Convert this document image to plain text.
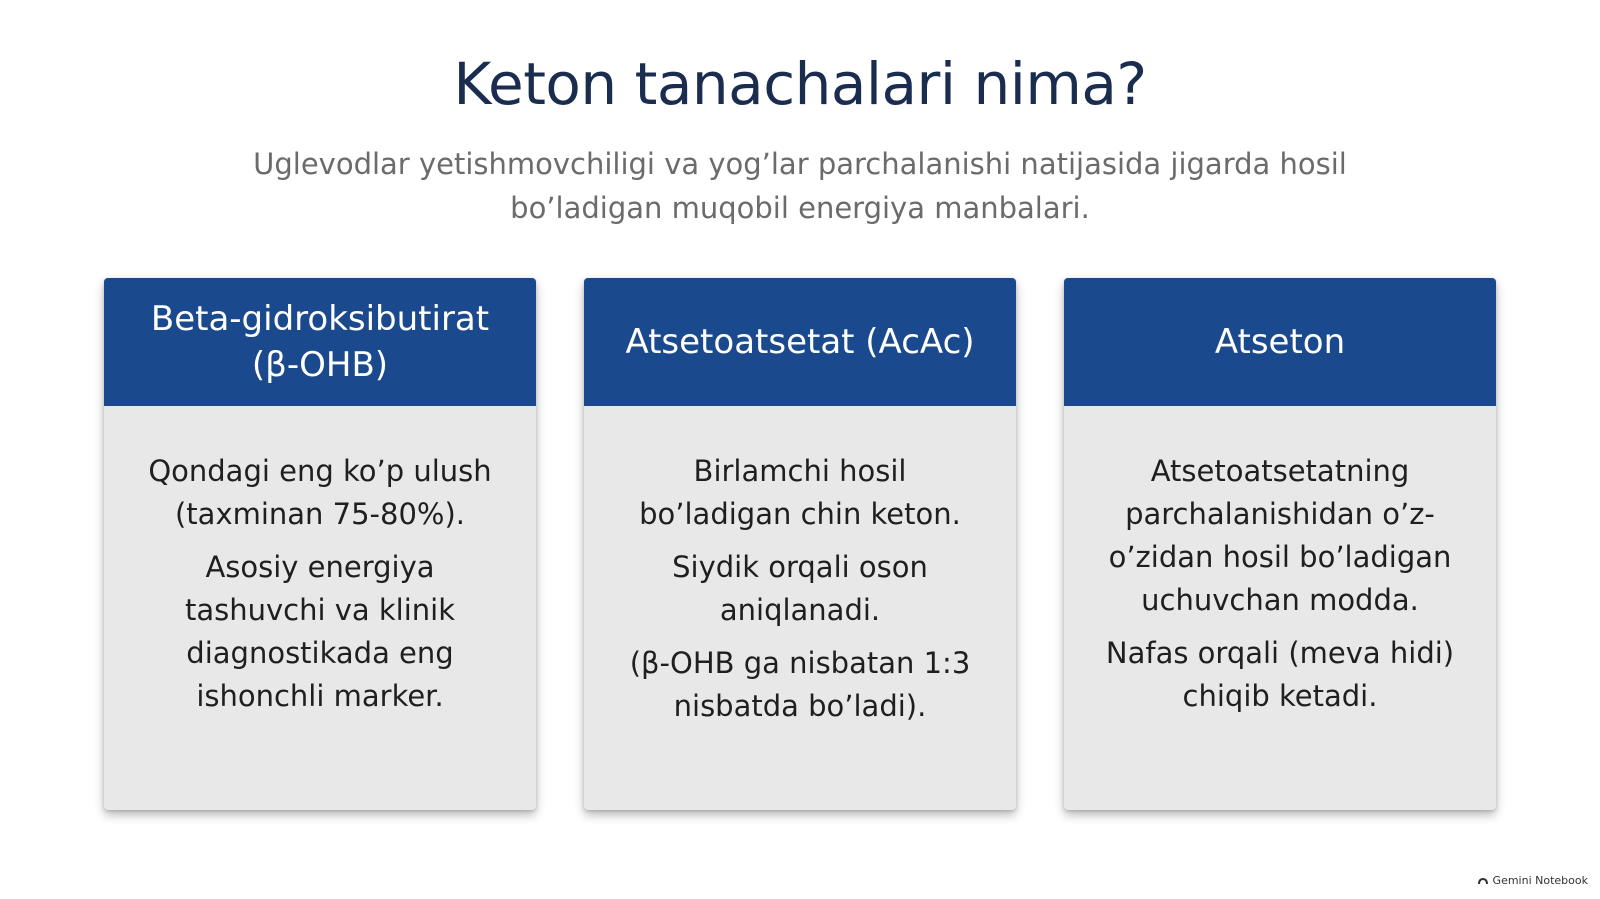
Keton tanachalari nima?

Uglevodlar yetishmovchiligi va yog’lar parchalanishi natijasida jigarda hosil bo’ladigan muqobil energiya manbalari.

Beta-gidroksibutirat (β-OHB)

Qondagi eng ko’p ulush (taxminan 75-80%).

Asosiy energiya tashuvchi va klinik diagnostikada eng ishonchli marker.

Atsetoatsetat (AcAc)

Birlamchi hosil bo’ladigan chin keton.

Siydik orqali oson aniqlanadi.

(β-OHB ga nisbatan 1:3 nisbatda bo’ladi).

Atseton

Atsetoatsetatning parchalanishidan o’z-o’zidan hosil bo’ladigan uchuvchan modda.

Nafas orqali (meva hidi) chiqib ketadi.

Gemini Notebook
